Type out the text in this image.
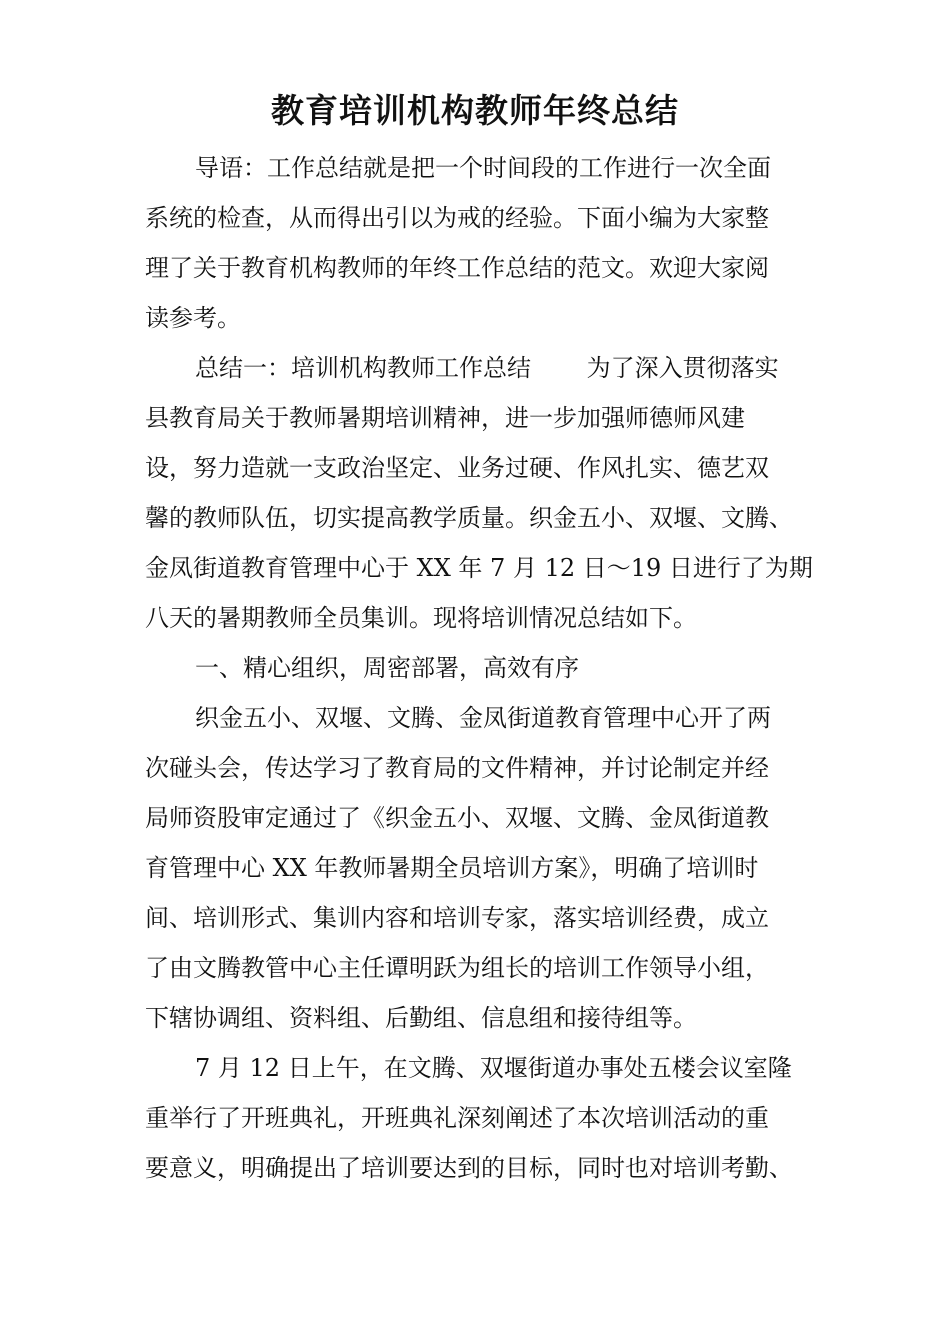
教育培训机构教师年终总结
导语：工作总结就是把一个时间段的工作进行一次全面
系统的检查，从而得出引以为戒的经验。下面小编为大家整
理了关于教育机构教师的年终工作总结的范文。欢迎大家阅
读参考。
总结一：培训机构教师工作总结　　 为了深入贯彻落实
县教育局关于教师暑期培训精神，进一步加强师德师风建
设，努力造就一支政治坚定、业务过硬、作风扎实、德艺双
馨的教师队伍，切实提高教学质量。织金五小、双堰、文腾、
金凤街道教育管理中心于 XX 年 7 月 12 日～19 日进行了为期
八天的暑期教师全员集训。现将培训情况总结如下。
一、精心组织，周密部署，高效有序
织金五小、双堰、文腾、金凤街道教育管理中心开了两
次碰头会，传达学习了教育局的文件精神，并讨论制定并经
局师资股审定通过了《织金五小、双堰、文腾、金凤街道教
育管理中心 XX 年教师暑期全员培训方案》，明确了培训时
间、培训形式、集训内容和培训专家，落实培训经费，成立
了由文腾教管中心主任谭明跃为组长的培训工作领导小组，
下辖协调组、资料组、后勤组、信息组和接待组等。
7 月 12 日上午，在文腾、双堰街道办事处五楼会议室隆
重举行了开班典礼，开班典礼深刻阐述了本次培训活动的重
要意义，明确提出了培训要达到的目标，同时也对培训考勤、
